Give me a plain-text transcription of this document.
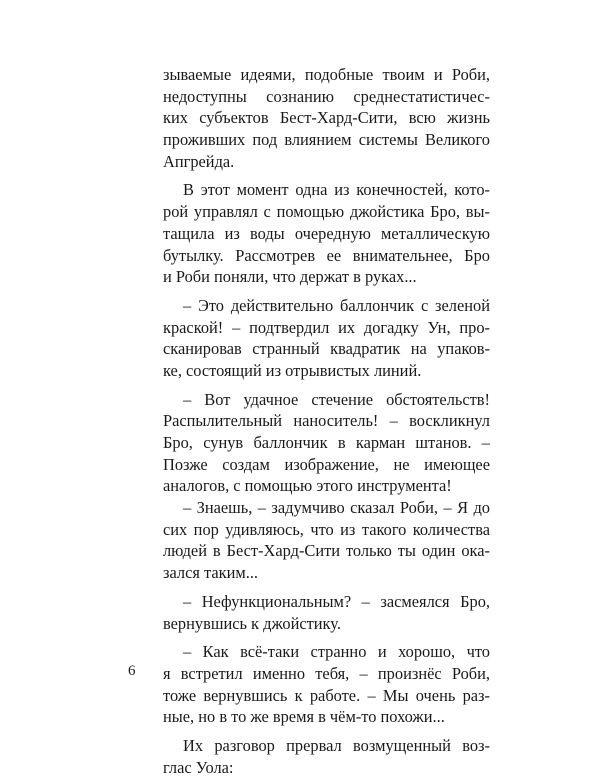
зываемые идеями, подобные твоим и Роби,
недоступны сознанию среднестатистичес-
ких субъектов Бест-Хард-Сити, всю жизнь
проживших под влиянием системы Великого
Апгрейда.
В этот момент одна из конечностей, кото-
рой управлял с помощью джойстика Бро, вы-
тащила из воды очередную металлическую
бутылку. Рассмотрев ее внимательнее, Бро
и Роби поняли, что держат в руках...
– Это действительно баллончик с зеленой
краской! – подтвердил их догадку Ун, про-
сканировав странный квадратик на упаков-
ке, состоящий из отрывистых линий.
– Вот удачное стечение обстоятельств!
Распылительный наноситель! – воскликнул
Бро, сунув баллончик в карман штанов. –
Позже создам изображение, не имеющее
аналогов, с помощью этого инструмента!
– Знаешь, – задумчиво сказал Роби, – Я до
сих пор удивляюсь, что из такого количества
людей в Бест-Хард-Сити только ты один ока-
зался таким...
– Нефункциональным? – засмеялся Бро,
вернувшись к джойстику.
– Как всё-таки странно и хорошо, что
я встретил именно тебя, – произнёс Роби,
тоже вернувшись к работе. – Мы очень раз-
ные, но в то же время в чём-то похожи...
Их разговор прервал возмущенный воз-
глас Уола:
6
